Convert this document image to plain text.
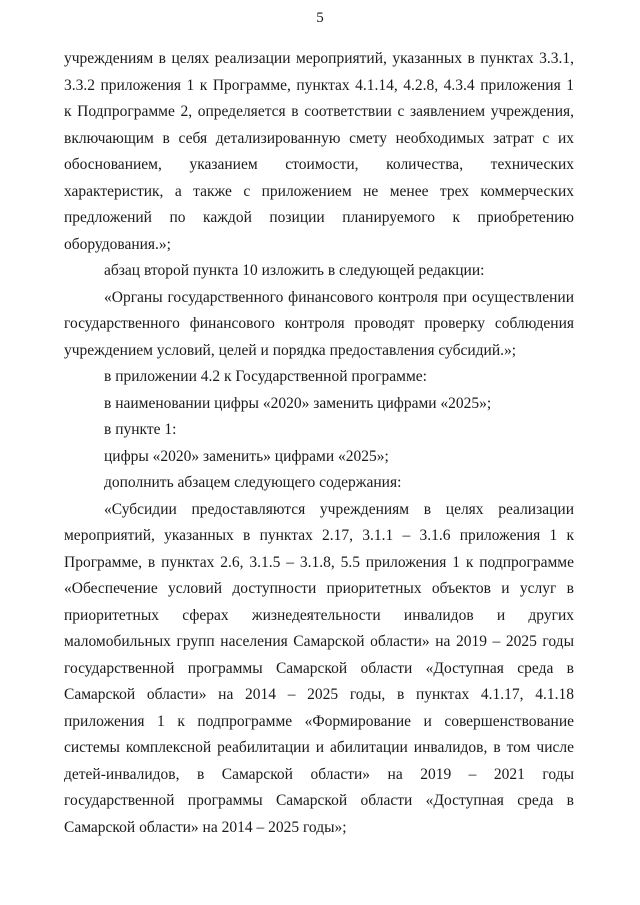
5
учреждениям в целях реализации мероприятий, указанных в пунктах 3.3.1,
3.3.2 приложения 1 к Программе, пунктах 4.1.14, 4.2.8, 4.3.4 приложения 1
к Подпрограмме 2, определяется в соответствии с заявлением учреждения,
включающим в себя детализированную смету необходимых затрат с их
обоснованием, указанием стоимости, количества, технических
характеристик, а также с приложением не менее трех коммерческих
предложений по каждой позиции планируемого к приобретению
оборудования.»;
абзац второй пункта 10 изложить в следующей редакции:
«Органы государственного финансового контроля при осуществлении
государственного финансового контроля проводят проверку соблюдения
учреждением условий, целей и порядка предоставления субсидий.»;
в приложении 4.2 к Государственной программе:
в наименовании цифры «2020» заменить цифрами «2025»;
в пункте 1:
цифры «2020» заменить» цифрами «2025»;
дополнить абзацем следующего содержания:
«Субсидии предоставляются учреждениям в целях реализации
мероприятий, указанных в пунктах 2.17, 3.1.1 – 3.1.6 приложения 1 к
Программе, в пунктах 2.6, 3.1.5 – 3.1.8, 5.5 приложения 1 к подпрограмме
«Обеспечение условий доступности приоритетных объектов и услуг в
приоритетных сферах жизнедеятельности инвалидов и других
маломобильных групп населения Самарской области» на 2019 – 2025 годы
государственной программы Самарской области «Доступная среда в
Самарской области» на 2014 – 2025 годы, в пунктах 4.1.17, 4.1.18
приложения 1 к подпрограмме «Формирование и совершенствование
системы комплексной реабилитации и абилитации инвалидов, в том числе
детей-инвалидов, в Самарской области» на 2019 – 2021 годы
государственной программы Самарской области «Доступная среда в
Самарской области» на 2014 – 2025 годы»;
